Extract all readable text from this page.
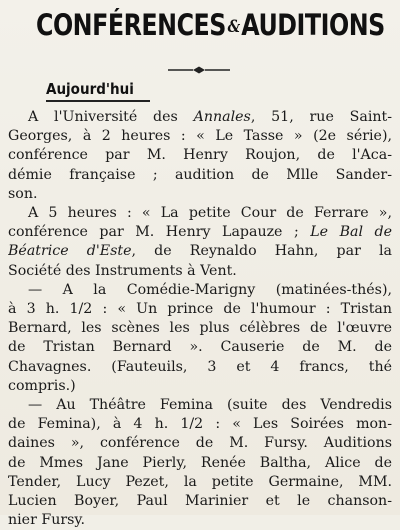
CONFÉRENCES&AUDITIONS
Aujourd'hui
A l'Université des Annales, 51, rue Saint-
Georges, à 2 heures : « Le Tasse » (2e série),
conférence par M. Henry Roujon, de l'Aca-
démie française ; audition de Mlle Sander-
son.
A 5 heures : « La petite Cour de Ferrare »,
conférence par M. Henry Lapauze ; Le Bal de
Béatrice d'Este, de Reynaldo Hahn, par la
Société des Instruments à Vent.
— A la Comédie-Marigny (matinées-thés),
à 3 h. 1/2 : « Un prince de l'humour : Tristan
Bernard, les scènes les plus célèbres de l'œuvre
de Tristan Bernard ». Causerie de M. de
Chavagnes. (Fauteuils, 3 et 4 francs, thé
compris.)
— Au Théâtre Femina (suite des Vendredis
de Femina), à 4 h. 1/2 : « Les Soirées mon-
daines », conférence de M. Fursy. Auditions
de Mmes Jane Pierly, Renée Baltha, Alice de
Tender, Lucy Pezet, la petite Germaine, MM.
Lucien Boyer, Paul Marinier et le chanson-
nier Fursy.
